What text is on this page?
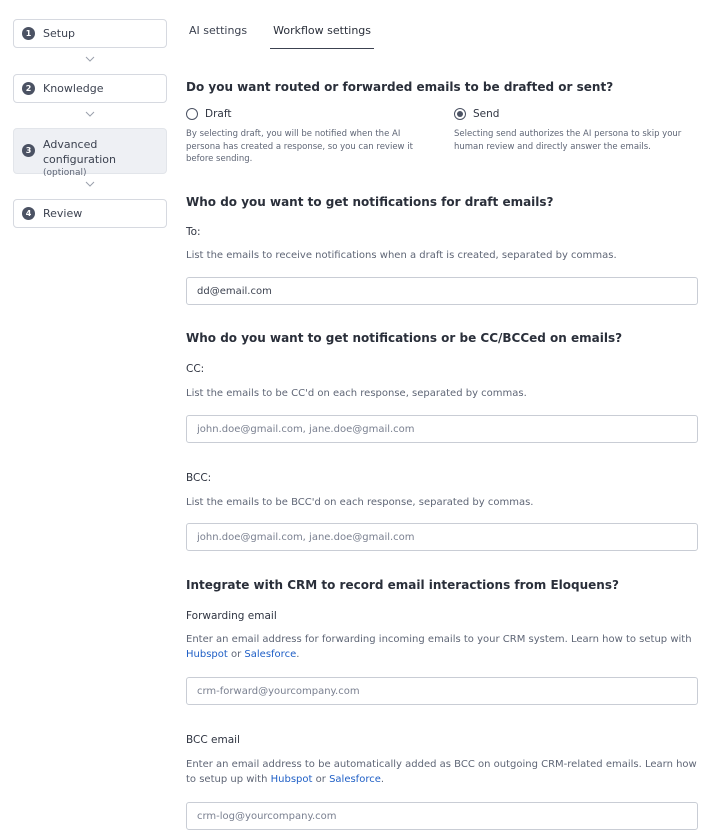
1	Setup
2	Knowledge
3	Advanced configuration
(optional)
4	Review
AI settings Workflow settings
Do you want routed or forwarded emails to be drafted or sent?
Draft
By selecting draft, you will be notified when the AI persona has created a response, so you can review it before sending.
Send
Selecting send authorizes the AI persona to skip your human review and directly answer the emails.
Who do you want to get notifications for draft emails?
To:
List the emails to receive notifications when a draft is created, separated by commas.
dd@email.com
Who do you want to get notifications or be CC/BCCed on emails?
CC:
List the emails to be CC'd on each response, separated by commas.
john.doe@gmail.com, jane.doe@gmail.com
BCC:
List the emails to be BCC'd on each response, separated by commas.
john.doe@gmail.com, jane.doe@gmail.com
Integrate with CRM to record email interactions from Eloquens?
Forwarding email
Enter an email address for forwarding incoming emails to your CRM system. Learn how to setup with Hubspot or Salesforce.
crm-forward@yourcompany.com
BCC email
Enter an email address to be automatically added as BCC on outgoing CRM-related emails. Learn how to setup up with Hubspot or Salesforce.
crm-log@yourcompany.com
